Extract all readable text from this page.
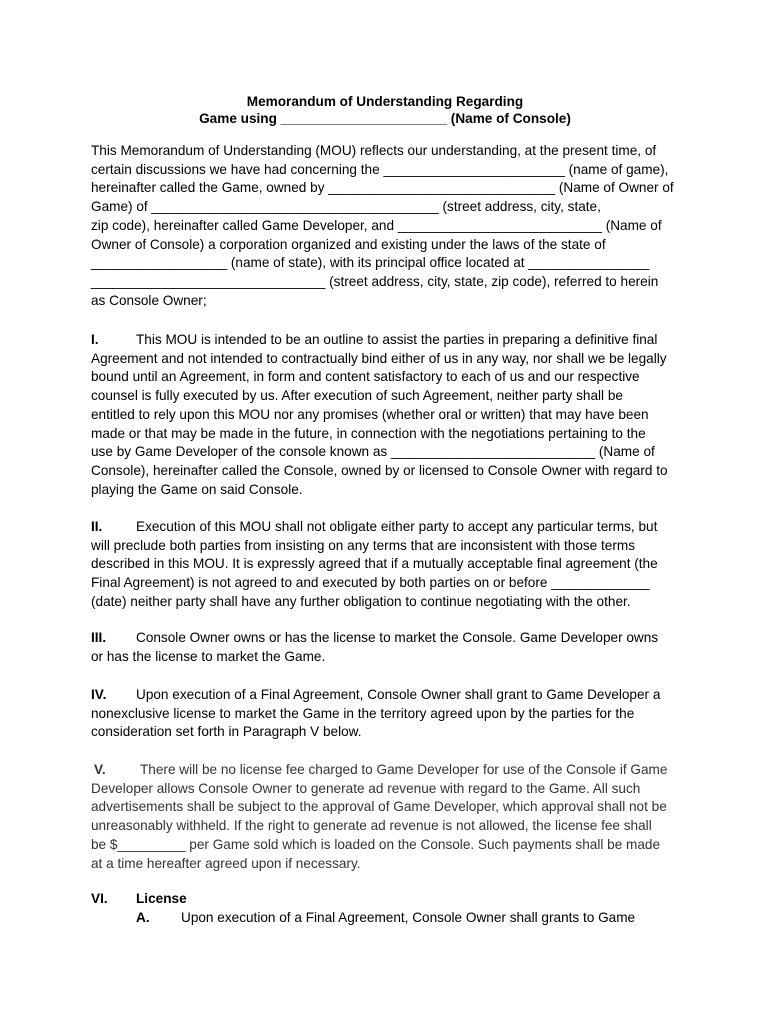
Memorandum of Understanding Regarding
Game using ______________________ (Name of Console)
This Memorandum of Understanding (MOU) reflects our understanding, at the present time, of
certain discussions we have had concerning the ________________________ (name of game),
hereinafter called the Game, owned by ______________________________ (Name of Owner of
Game) of ______________________________________ (street address, city, state,
zip code), hereinafter called Game Developer, and ___________________________ (Name of
Owner of Console) a corporation organized and existing under the laws of the state of
__________________ (name of state), with its principal office located at ________________
_______________________________ (street address, city, state, zip code), referred to herein
as Console Owner;
I.	This MOU is intended to be an outline to assist the parties in preparing a definitive final
Agreement and not intended to contractually bind either of us in any way, nor shall we be legally
bound until an Agreement, in form and content satisfactory to each of us and our respective
counsel is fully executed by us. After execution of such Agreement, neither party shall be
entitled to rely upon this MOU nor any promises (whether oral or written) that may have been
made or that may be made in the future, in connection with the negotiations pertaining to the
use by Game Developer of the console known as ___________________________ (Name of
Console), hereinafter called the Console, owned by or licensed to Console Owner with regard to
playing the Game on said Console.
II. Execution of this MOU shall not obligate either party to accept any particular terms, but
will preclude both parties from insisting on any terms that are inconsistent with those terms
described in this MOU. It is expressly agreed that if a mutually acceptable final agreement (the
Final Agreement) is not agreed to and executed by both parties on or before _____________
(date) neither party shall have any further obligation to continue negotiating with the other.
III. Console Owner owns or has the license to market the Console. Game Developer owns
or has the license to market the Game.
IV. Upon execution of a Final Agreement, Console Owner shall grant to Game Developer a
nonexclusive license to market the Game in the territory agreed upon by the parties for the
consideration set forth in Paragraph V below.
V.	There will be no license fee charged to Game Developer for use of the Console if Game
Developer allows Console Owner to generate ad revenue with regard to the Game. All such
advertisements shall be subject to the approval of Game Developer, which approval shall not be
unreasonably withheld. If the right to generate ad revenue is not allowed, the license fee shall
be $_________ per Game sold which is loaded on the Console. Such payments shall be made
at a time hereafter agreed upon if necessary.
VI. License
A. Upon execution of a Final Agreement, Console Owner shall grants to Game
